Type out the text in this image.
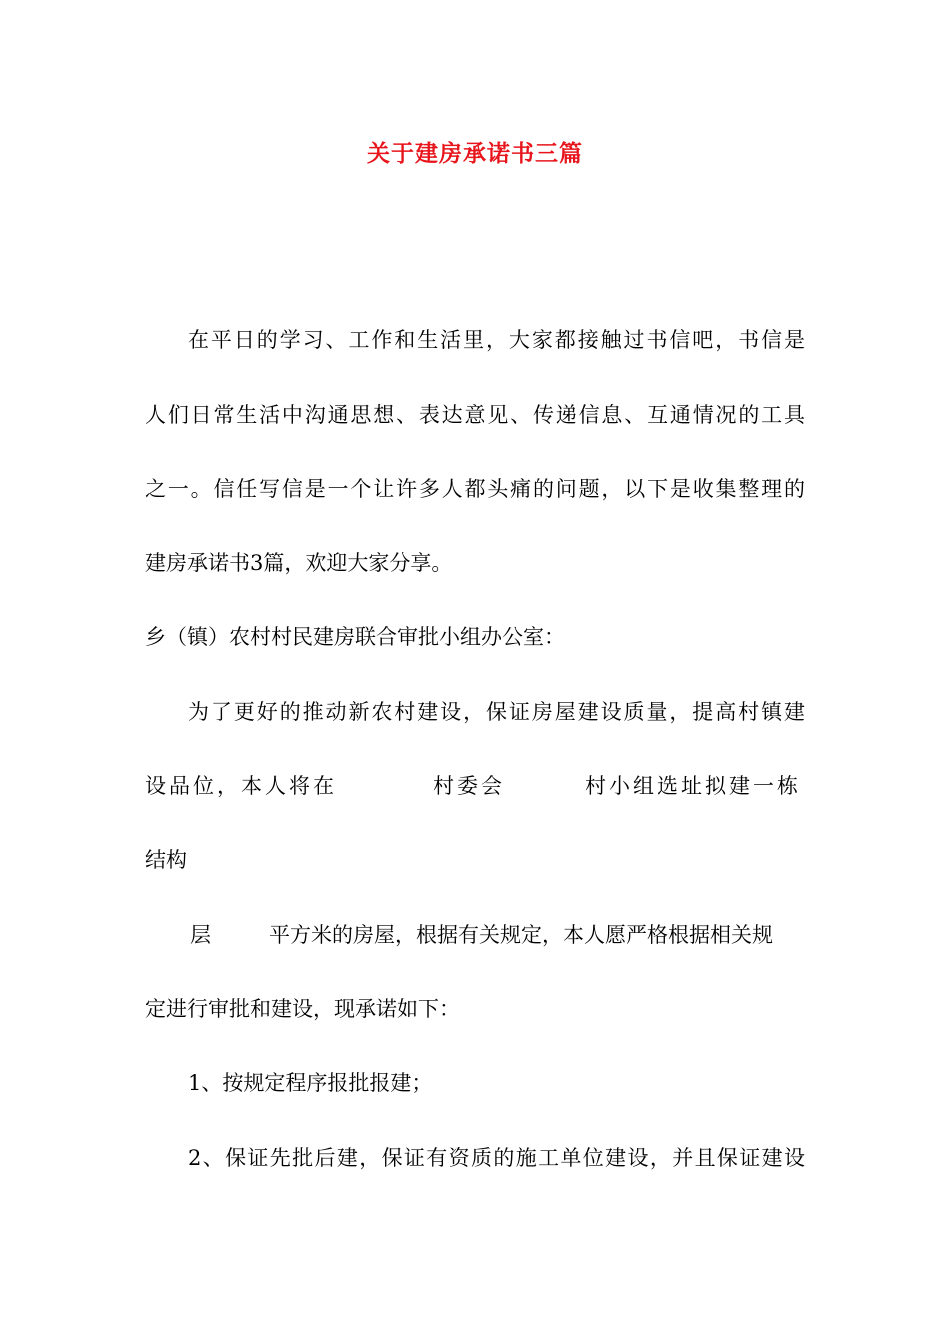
关于建房承诺书三篇
在平日的学习、工作和生活里，大家都接触过书信吧，书信是
人们日常生活中沟通思想、表达意见、传递信息、互通情况的工具
之一。信任写信是一个让许多人都头痛的问题，以下是收集整理的
建房承诺书3篇，欢迎大家分享。
乡（镇）农村村民建房联合审批小组办公室：
为了更好的推动新农村建设，保证房屋建设质量，提高村镇建
设品位，本人将在	村委会	村小组选址拟建一栋
结构
层	平方米的房屋，根据有关规定，本人愿严格根据相关规
定进行审批和建设，现承诺如下：
1、按规定程序报批报建；
2、保证先批后建，保证有资质的施工单位建设，并且保证建设
